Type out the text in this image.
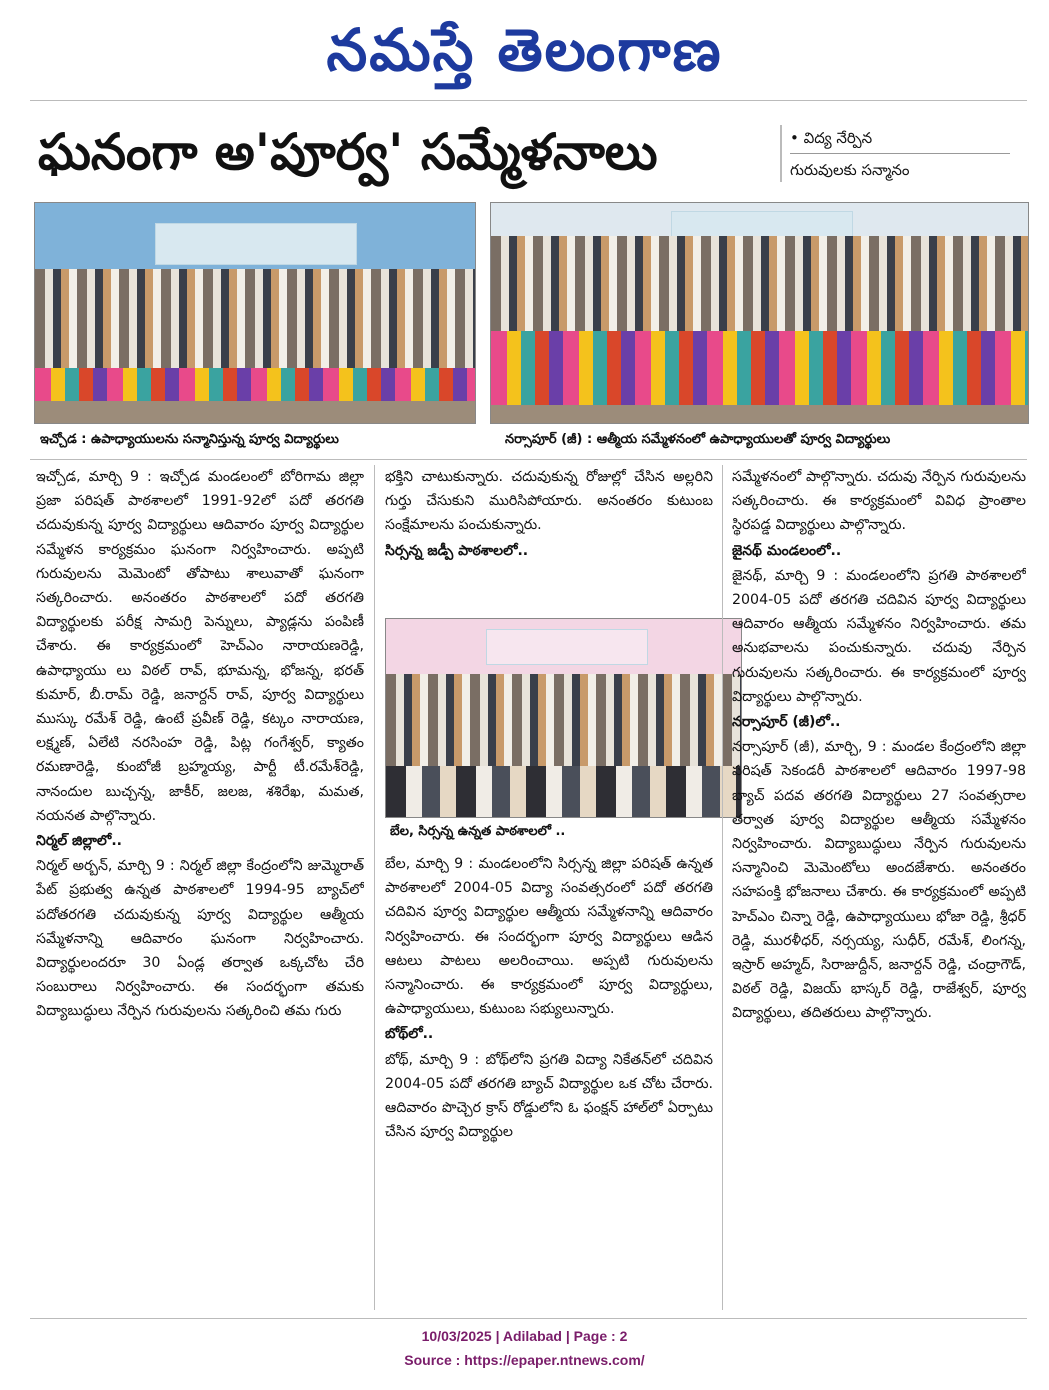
నమస్తే తెలంగాణ
ఘనంగా అ'పూర్వ' సమ్మేళనాలు	• విద్య నేర్పిన
గురువులకు సన్మానం
ఇచ్చోడ : ఉపాధ్యాయులను సన్మానిస్తున్న పూర్వ విద్యార్థులు	నర్సాపూర్ (జీ) : ఆత్మీయ సమ్మేళనంలో ఉపాధ్యాయులతో పూర్వ విద్యార్థులు

ఇచ్చోడ, మార్చి 9 : ఇచ్చోడ మండలంలో బోరిగామ జిల్లా ప్రజా పరిషత్ పాఠశాలలో 1991-92లో పదో తరగతి చదువుకున్న పూర్వ విద్యార్థులు ఆదివారం పూర్వ విద్యార్థుల సమ్మేళన కార్యక్రమం ఘనంగా నిర్వహించారు. అప్పటి గురువులను మెమెంటో తోపాటు శాలువాతో ఘనంగా సత్కరించారు. అనంతరం పాఠశాలలో పదో తరగతి విద్యార్థులకు పరీక్ష సామగ్రి పెన్నులు, ప్యాడ్లను పంపిణీ చేశారు. ఈ కార్యక్రమంలో హెచ్ఎం నారాయణరెడ్డి, ఉపాధ్యాయు లు విఠల్ రావ్, భూమన్న, భోజన్న, భరత్ కుమార్, బీ.రామ్ రెడ్డి, జనార్దన్ రావ్, పూర్వ విద్యార్థులు ముస్కు రమేశ్ రెడ్డి, ఉంటే ప్రవీణ్ రెడ్డి, కట్కం నారాయణ, లక్ష్మణ్, ఏలేటి నరసింహ రెడ్డి, పిట్ల గంగేశ్వర్, క్యాతం రమణారెడ్డి, కుంబోజీ బ్రహ్మయ్య, పార్టీ టీ.రమేశ్‌రెడ్డి, నానందుల బుచ్చన్న, జాకీర్, జలజ, శశిరేఖ, మమత, నయనత పాల్గొన్నారు.

నిర్మల్ జిల్లాలో..

నిర్మల్ అర్బన్, మార్చి 9 : నిర్మల్ జిల్లా కేంద్రంలోని జుమ్మెరాత్ పేట్ ప్రభుత్వ ఉన్నత పాఠశాలలో 1994-95 బ్యాచ్‌లో పదోతరగతి చదువుకున్న పూర్వ విద్యార్థుల ఆత్మీయ సమ్మేళనాన్ని ఆదివారం ఘనంగా నిర్వహించారు. విద్యార్థులందరూ 30 ఏండ్ల తర్వాత ఒక్కచోట చేరి సంబురాలు నిర్వహించారు. ఈ సందర్భంగా తమకు విద్యాబుద్ధులు నేర్పిన గురువులను సత్కరించి తమ గురు

భక్తిని చాటుకున్నారు. చదువుకున్న రోజుల్లో చేసిన అల్లరిని గుర్తు చేసుకుని మురిసిపోయారు. అనంతరం కుటుంబ సంక్షేమాలను పంచుకున్నారు.

సిర్సన్న జడ్పీ పాఠశాలలో..
బేల, సిర్సన్న ఉన్నత పాఠశాలలో ..

బేల, మార్చి 9 : మండలంలోని సిర్సన్న జిల్లా పరిషత్ ఉన్నత పాఠశాలలో 2004-05 విద్యా సంవత్సరంలో పదో తరగతి చదివిన పూర్వ విద్యార్థుల ఆత్మీయ సమ్మేళనాన్ని ఆదివారం నిర్వహించారు. ఈ సందర్భంగా పూర్వ విద్యార్థులు ఆడిన ఆటలు పాటలు అలరించాయి. అప్పటి గురువులను సన్మానించారు. ఈ కార్యక్రమంలో పూర్వ విద్యార్థులు, ఉపాధ్యాయులు, కుటుంబ సభ్యులున్నారు.

బోథ్‌లో..

బోథ్, మార్చి 9 : బోథ్‌లోని ప్రగతి విద్యా నికేతన్‌లో చదివిన 2004-05 పదో తరగతి బ్యాచ్ విద్యార్థుల ఒక చోట చేరారు. ఆదివారం పొచ్చెర క్రాస్ రోడ్డులోని ఓ ఫంక్షన్ హాల్‌లో ఏర్పాటు చేసిన పూర్వ విద్యార్థుల

సమ్మేళనంలో పాల్గొన్నారు. చదువు నేర్పిన గురువులను సత్కరించారు. ఈ కార్యక్రమంలో వివిధ ప్రాంతాల స్థిరపడ్డ విద్యార్థులు పాల్గొన్నారు.

జైనథ్ మండలంలో..

జైనథ్, మార్చి 9 : మండలంలోని ప్రగతి పాఠశాలలో 2004-05 పదో తరగతి చదివిన పూర్వ విద్యార్థులు ఆదివారం ఆత్మీయ సమ్మేళనం నిర్వహించారు. తమ అనుభవాలను పంచుకున్నారు. చదువు నేర్పిన గురువులను సత్కరించారు. ఈ కార్యక్రమంలో పూర్వ విద్యార్థులు పాల్గొన్నారు.

నర్సాపూర్ (జీ)లో..

నర్సాపూర్ (జీ), మార్చి, 9 : మండల కేంద్రంలోని జిల్లా పరిషత్ సెకండరీ పాఠశాలలో ఆదివారం 1997-98 బ్యాచ్ పదవ తరగతి విద్యార్థులు 27 సంవత్సరాల తర్వాత పూర్వ విద్యార్థుల ఆత్మీయ సమ్మేళనం నిర్వహించారు. విద్యాబుద్ధులు నేర్పిన గురువులను సన్మానించి మెమెంటోలు అందజేశారు. అనంతరం సహపంక్తి భోజనాలు చేశారు. ఈ కార్యక్రమంలో అప్పటి హెచ్ఎం చిన్నా రెడ్డి, ఉపాధ్యాయులు భోజా రెడ్డి, శ్రీధర్ రెడ్డి, మురళీధర్, నర్సయ్య, సుధీర్, రమేశ్, లింగన్న, ఇస్రార్ అహ్మద్, సిరాజుద్దీన్, జనార్దన్ రెడ్డి, చంద్రాగౌడ్, విఠల్ రెడ్డి, విజయ్ భాస్కర్ రెడ్డి, రాజేశ్వర్, పూర్వ విద్యార్థులు, తదితరులు పాల్గొన్నారు.

10/03/2025 | Adilabad | Page : 2
Source : https://epaper.ntnews.com/
